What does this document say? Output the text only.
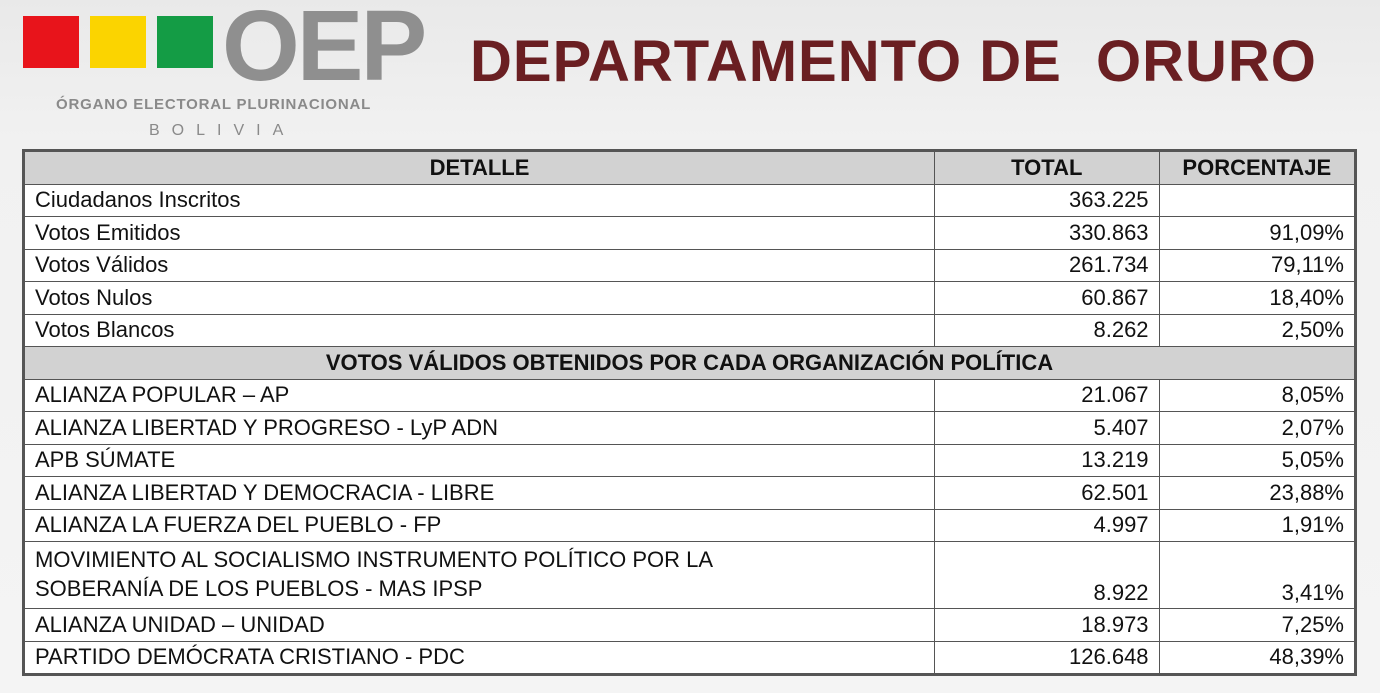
OEP
ÓRGANO ELECTORAL PLURINACIONAL
BOLIVIA
DEPARTAMENTO DE  ORURO
DETALLE	TOTAL	PORCENTAJE
Ciudadanos Inscritos	363.225	
Votos Emitidos	330.863	91,09%
Votos Válidos	261.734	79,11%
Votos Nulos	60.867	18,40%
Votos Blancos	8.262	2,50%
VOTOS VÁLIDOS OBTENIDOS POR CADA ORGANIZACIÓN POLÍTICA		
ALIANZA POPULAR – AP	21.067	8,05%
ALIANZA LIBERTAD Y PROGRESO - LyP ADN	5.407	2,07%
APB SÚMATE	13.219	5,05%
ALIANZA LIBERTAD Y DEMOCRACIA - LIBRE	62.501	23,88%
ALIANZA LA FUERZA DEL PUEBLO - FP	4.997	1,91%

MOVIMIENTO AL SOCIALISMO INSTRUMENTO POLÍTICO POR LA
SOBERANÍA DE LOS PUEBLOS - MAS IPSP	8.922	3,41%
ALIANZA UNIDAD – UNIDAD	18.973	7,25%
PARTIDO DEMÓCRATA CRISTIANO - PDC	126.648	48,39%
